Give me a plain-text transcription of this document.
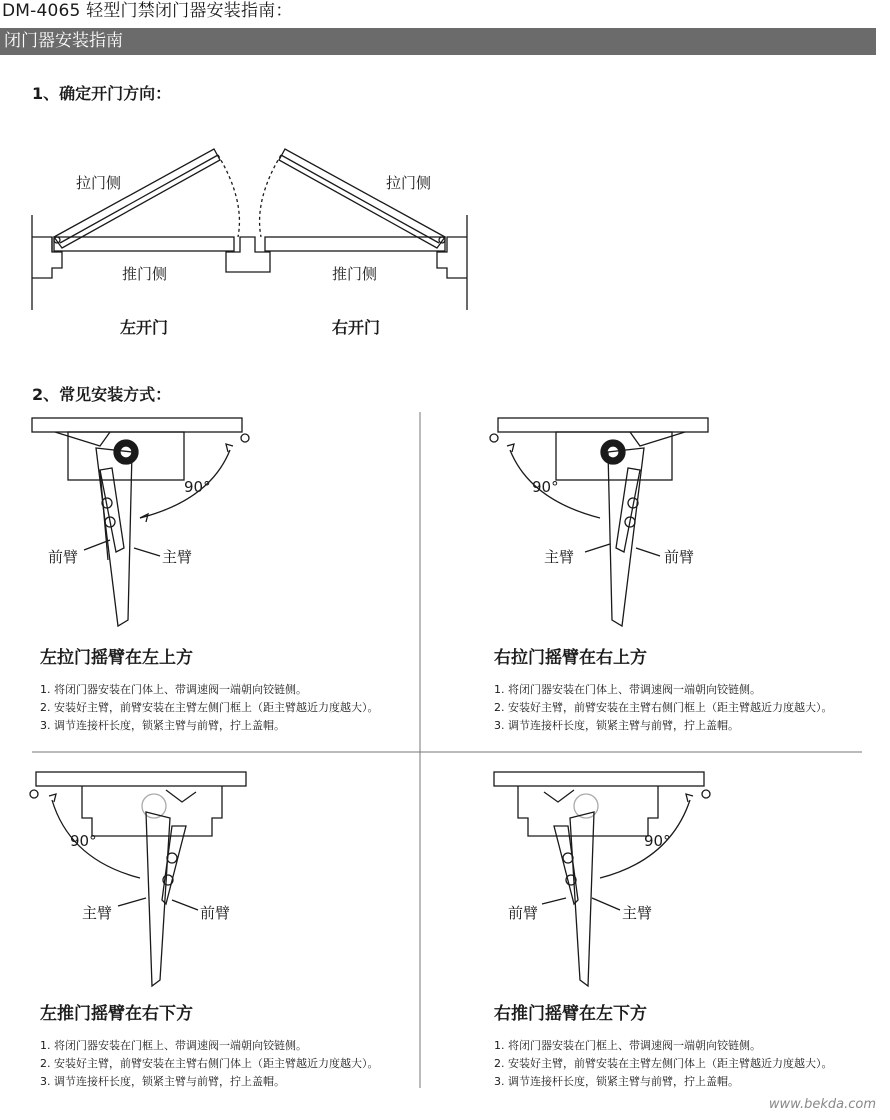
DM-4065 轻型门禁闭门器安装指南：
闭门器安装指南
1、确定开门方向：
拉门侧	拉门侧
推门侧	推门侧
左开门	右开门
2、常见安装方式：
90°
前臂	主臂
左拉门摇臂在左上方
1. 将闭门器安装在门体上、带调速阀一端朝向铰链侧。
2. 安装好主臂，前臂安装在主臂左侧门框上（距主臂越近力度越大）。
3. 调节连接杆长度，锁紧主臂与前臂，拧上盖帽。
90°
主臂	前臂
右拉门摇臂在右上方
1. 将闭门器安装在门体上、带调速阀一端朝向铰链侧。
2. 安装好主臂，前臂安装在主臂右侧门框上（距主臂越近力度越大）。
3. 调节连接杆长度，锁紧主臂与前臂，拧上盖帽。
90°
主臂	前臂
左推门摇臂在右下方
1. 将闭门器安装在门框上、带调速阀一端朝向铰链侧。
2. 安装好主臂，前臂安装在主臂右侧门体上（距主臂越近力度越大）。
3. 调节连接杆长度，锁紧主臂与前臂，拧上盖帽。
90°
前臂	主臂
右推门摇臂在左下方
1. 将闭门器安装在门框上、带调速阀一端朝向铰链侧。
2. 安装好主臂，前臂安装在主臂左侧门体上（距主臂越近力度越大）。
3. 调节连接杆长度，锁紧主臂与前臂，拧上盖帽。
www.bekda.com
